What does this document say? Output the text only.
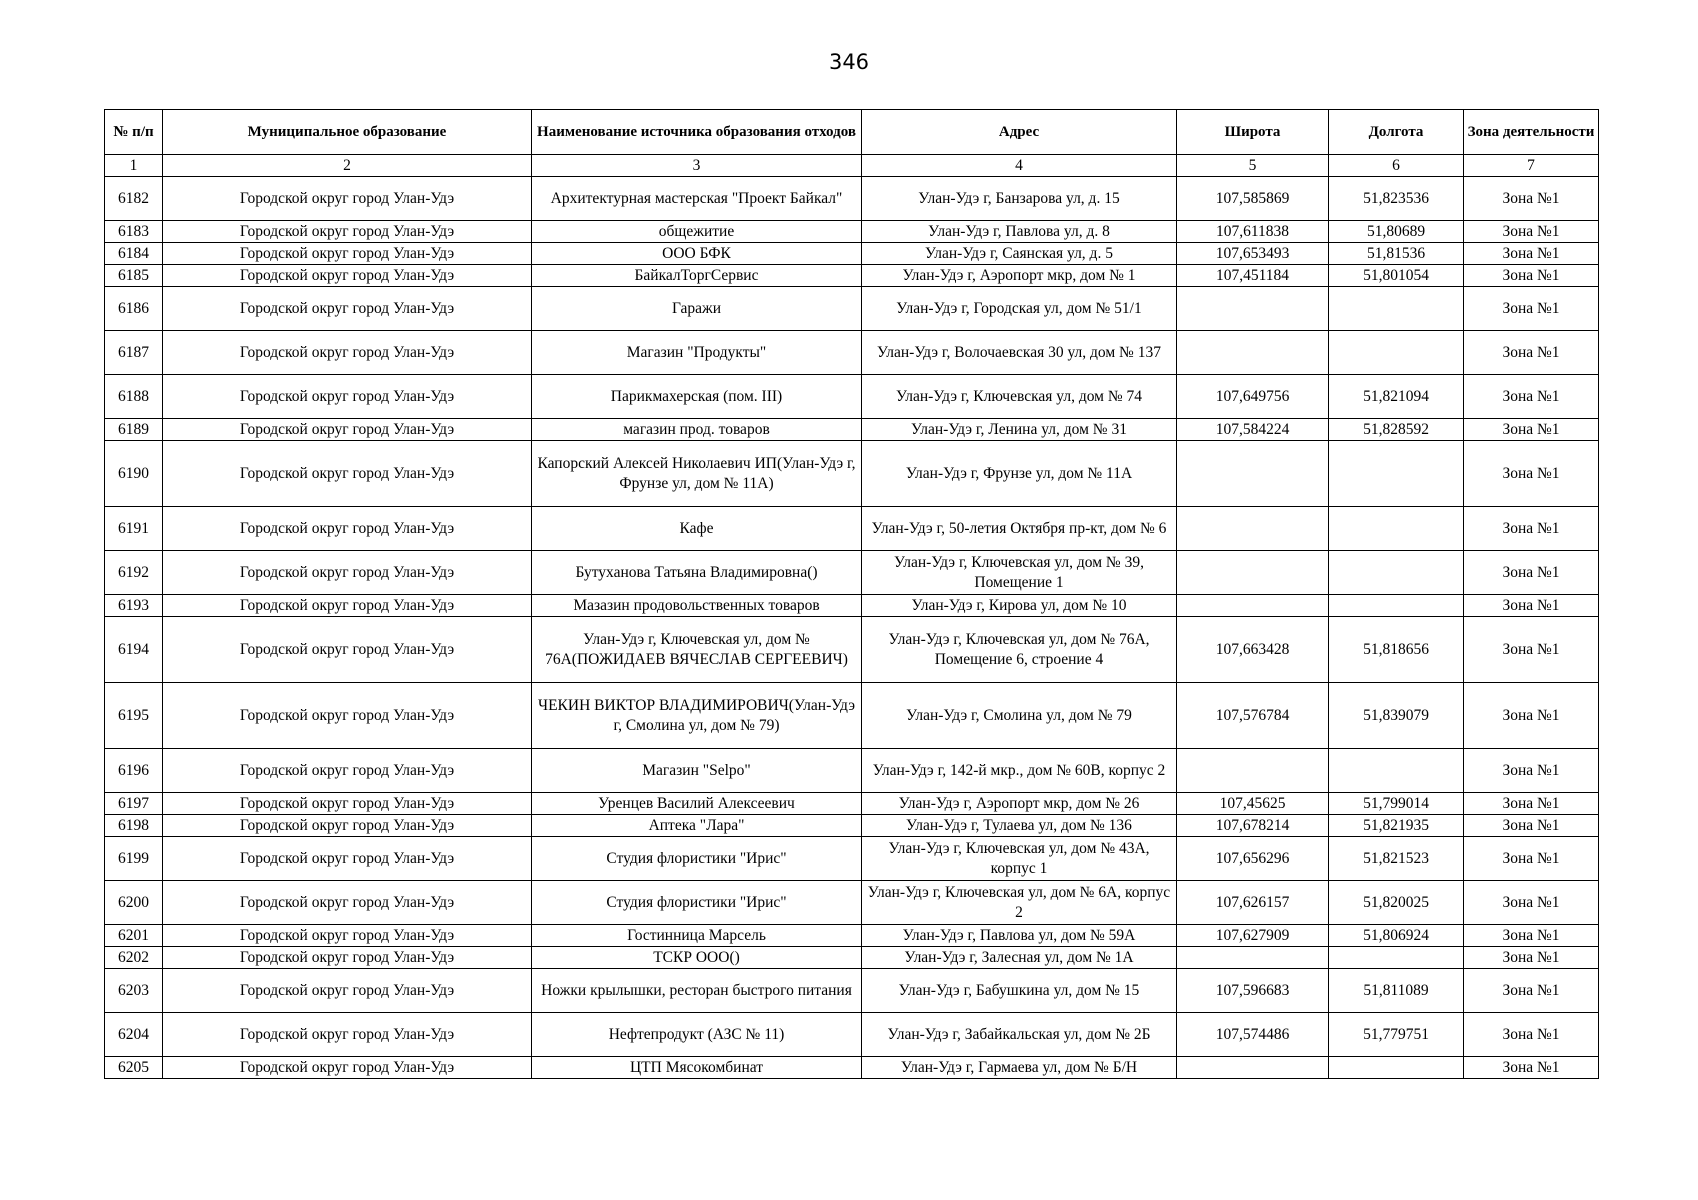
346
№ п/п	Муниципальное образование	Наименование источника образования отходов	Адрес	Широта	Долгота	Зона деятельности
1	2	3	4	5	6	7
6182	Городской округ город Улан-Удэ	Архитектурная мастерская "Проект Байкал"	Улан-Удэ г, Банзарова ул, д. 15	107,585869	51,823536	Зона №1
6183	Городской округ город Улан-Удэ	общежитие	Улан-Удэ г, Павлова ул, д. 8	107,611838	51,80689	Зона №1
6184	Городской округ город Улан-Удэ	ООО БФК	Улан-Удэ г, Саянская ул, д. 5	107,653493	51,81536	Зона №1
6185	Городской округ город Улан-Удэ	БайкалТоргСервис	Улан-Удэ г, Аэропорт мкр, дом № 1	107,451184	51,801054	Зона №1
6186	Городской округ город Улан-Удэ	Гаражи	Улан-Удэ г, Городская ул, дом № 51/1			Зона №1
6187	Городской округ город Улан-Удэ	Магазин "Продукты"	Улан-Удэ г, Волочаевская 30 ул, дом № 137			Зона №1
6188	Городской округ город Улан-Удэ	Парикмахерская (пом. III)	Улан-Удэ г, Ключевская ул, дом № 74	107,649756	51,821094	Зона №1
6189	Городской округ город Улан-Удэ	магазин прод. товаров	Улан-Удэ г, Ленина ул, дом № 31	107,584224	51,828592	Зона №1
6190	Городской округ город Улан-Удэ	Капорский Алексей Николаевич ИП(Улан-Удэ г, Фрунзе ул, дом № 11А)	Улан-Удэ г, Фрунзе ул, дом № 11А			Зона №1
6191	Городской округ город Улан-Удэ	Кафе	Улан-Удэ г, 50-летия Октября пр-кт, дом № 6			Зона №1
6192	Городской округ город Улан-Удэ	Бутуханова Татьяна Владимировна()	Улан-Удэ г, Ключевская ул, дом № 39, Помещение 1			Зона №1
6193	Городской округ город Улан-Удэ	Мазазин продовольственных товаров	Улан-Удэ г, Кирова ул, дом № 10			Зона №1
6194	Городской округ город Улан-Удэ	Улан-Удэ г, Ключевская ул, дом № 76А(ПОЖИДАЕВ ВЯЧЕСЛАВ СЕРГЕЕВИЧ)	Улан-Удэ г, Ключевская ул, дом № 76А, Помещение 6, строение 4	107,663428	51,818656	Зона №1
6195	Городской округ город Улан-Удэ	ЧЕКИН ВИКТОР ВЛАДИМИРОВИЧ(Улан-Удэ г, Смолина ул, дом № 79)	Улан-Удэ г, Смолина ул, дом № 79	107,576784	51,839079	Зона №1
6196	Городской округ город Улан-Удэ	Магазин "Selpo"	Улан-Удэ г, 142-й мкр., дом № 60В, корпус 2			Зона №1
6197	Городской округ город Улан-Удэ	Уренцев Василий Алексеевич	Улан-Удэ г, Аэропорт мкр, дом № 26	107,45625	51,799014	Зона №1
6198	Городской округ город Улан-Удэ	Аптека "Лара"	Улан-Удэ г, Тулаева ул, дом № 136	107,678214	51,821935	Зона №1
6199	Городской округ город Улан-Удэ	Студия флористики "Ирис"	Улан-Удэ г, Ключевская ул, дом № 43А, корпус 1	107,656296	51,821523	Зона №1
6200	Городской округ город Улан-Удэ	Студия флористики "Ирис"	Улан-Удэ г, Ключевская ул, дом № 6А, корпус 2	107,626157	51,820025	Зона №1
6201	Городской округ город Улан-Удэ	Гостинница Марсель	Улан-Удэ г, Павлова ул, дом № 59А	107,627909	51,806924	Зона №1
6202	Городской округ город Улан-Удэ	ТСКР ООО()	Улан-Удэ г, Залесная ул, дом № 1А			Зона №1
6203	Городской округ город Улан-Удэ	Ножки крылышки, ресторан быстрого питания	Улан-Удэ г, Бабушкина ул, дом № 15	107,596683	51,811089	Зона №1
6204	Городской округ город Улан-Удэ	Нефтепродукт (АЗС № 11)	Улан-Удэ г, Забайкальская ул, дом № 2Б	107,574486	51,779751	Зона №1
6205	Городской округ город Улан-Удэ	ЦТП Мясокомбинат	Улан-Удэ г, Гармаева ул, дом № Б/Н			Зона №1
